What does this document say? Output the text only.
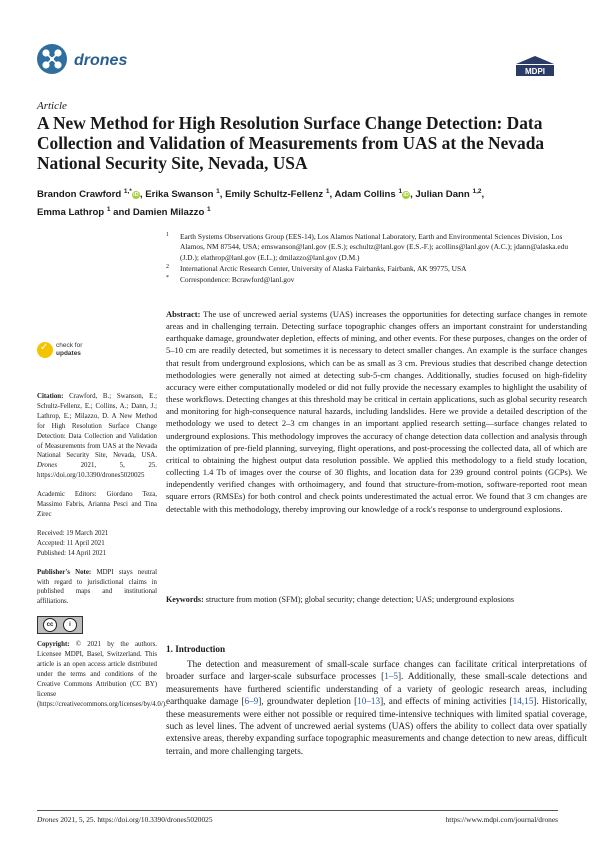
drones
MDPI
Article
A New Method for High Resolution Surface Change Detection: Data Collection and Validation of Measurements from UAS at the Nevada National Security Site, Nevada, USA
Brandon Crawford $^{1,*}$iD, Erika Swanson $^1$, Emily Schultz-Fellenz $^1$, Adam Collins $^1$iD, Julian Dann $^{1,2}$,
Emma Lathrop $^1$ and Damien Milazzo $^1$
1 Earth Systems Observations Group (EES-14), Los Alamos National Laboratory, Earth and Environmental Sciences Division, Los Alamos, NM 87544, USA; emswanson@lanl.gov (E.S.); eschultz@lanl.gov (E.S.-F.); acollins@lanl.gov (A.C.); jdann@alaska.edu (J.D.); elathrop@lanl.gov (E.L.); dmilazzo@lanl.gov (D.M.)
2 International Arctic Research Center, University of Alaska Fairbanks, Fairbank, AK 99775, USA
* Correspondence: Bcrawford@lanl.gov
Abstract: The use of uncrewed aerial systems (UAS) increases the opportunities for detecting surface changes in remote areas and in challenging terrain. Detecting surface topographic changes offers an important constraint for understanding earthquake damage, groundwater depletion, effects of mining, and other events. For these purposes, changes on the order of 5–10 cm are readily detected, but sometimes it is necessary to detect smaller changes. An example is the surface changes that result from underground explosions, which can be as small as 3 cm. Previous studies that described change detection methodologies were generally not aimed at detecting sub-5-cm changes. Additionally, studies focused on high-fidelity accuracy were either computationally modeled or did not fully provide the necessary examples to highlight the usability of these workflows. Detecting changes at this threshold may be critical in certain applications, such as global security research and monitoring for high-consequence natural hazards, including landslides. Here we provide a detailed description of the methodology we used to detect 2–3 cm changes in an important applied research setting—surface changes related to underground explosions. This methodology improves the accuracy of change detection data collection and analysis through the optimization of pre-field planning, surveying, flight operations, and post-processing the collected data, all of which are critical to obtaining the highest output data resolution possible. We applied this methodology to a field study location, collecting 1.4 Tb of images over the course of 30 flights, and location data for 239 ground control points (GCPs). We independently verified changes with orthoimagery, and found that structure-from-motion, software-reported root mean square errors (RMSEs) for both control and check points underestimated the actual error. We found that 3 cm changes are detectable with this methodology, thereby improving our knowledge of a rock's response to underground explosions.
Keywords: structure from motion (SFM); global security; change detection; UAS; underground explosions
✓ check for
updates
Citation: Crawford, B.; Swanson, E.; Schultz-Fellenz, E.; Collins, A.; Dann, J.; Lathrop, E.; Milazzo, D. A New Method for High Resolution Surface Change Detection: Data Collection and Validation of Measurements from UAS at the Nevada National Security Site, Nevada, USA. Drones	2021, 5, 25. https://doi.org/10.3390/drones5020025
Academic Editors: Giordano Teza, Massimo Fabris, Arianna Pesci and Tina Zirec
Received: 19 March 2021
Accepted: 11 April 2021
Published: 14 April 2021
Publisher's Note: MDPI stays neutral with regard to jurisdictional claims in published maps and institutional affiliations.
cc	i
Copyright: © 2021 by the authors. Licensee MDPI, Basel, Switzerland. This article is an open access article distributed under the terms and conditions of the Creative Commons Attribution (CC BY) license (https://creativecommons.org/licenses/by/4.0/).
1. Introduction
The detection and measurement of small-scale surface changes can facilitate critical interpretations of broader surface and larger-scale subsurface processes [1–5]. Additionally, these small-scale detections and measurements have furthered scientific understanding of a variety of geologic research areas, including earthquake damage [6–9], groundwater depletion [10–13], and effects of mining activities [14,15]. Historically, these measurements were either not possible or required time-intensive techniques with limited spatial coverage, such as level lines. The advent of uncrewed aerial systems (UAS) offers the ability to collect data over spatially extensive areas, thereby expanding surface topographic measurements and change detection to new areas, difficult terrain, and more challenging targets.
Drones 2021, 5, 25. https://doi.org/10.3390/drones5020025	https://www.mdpi.com/journal/drones
